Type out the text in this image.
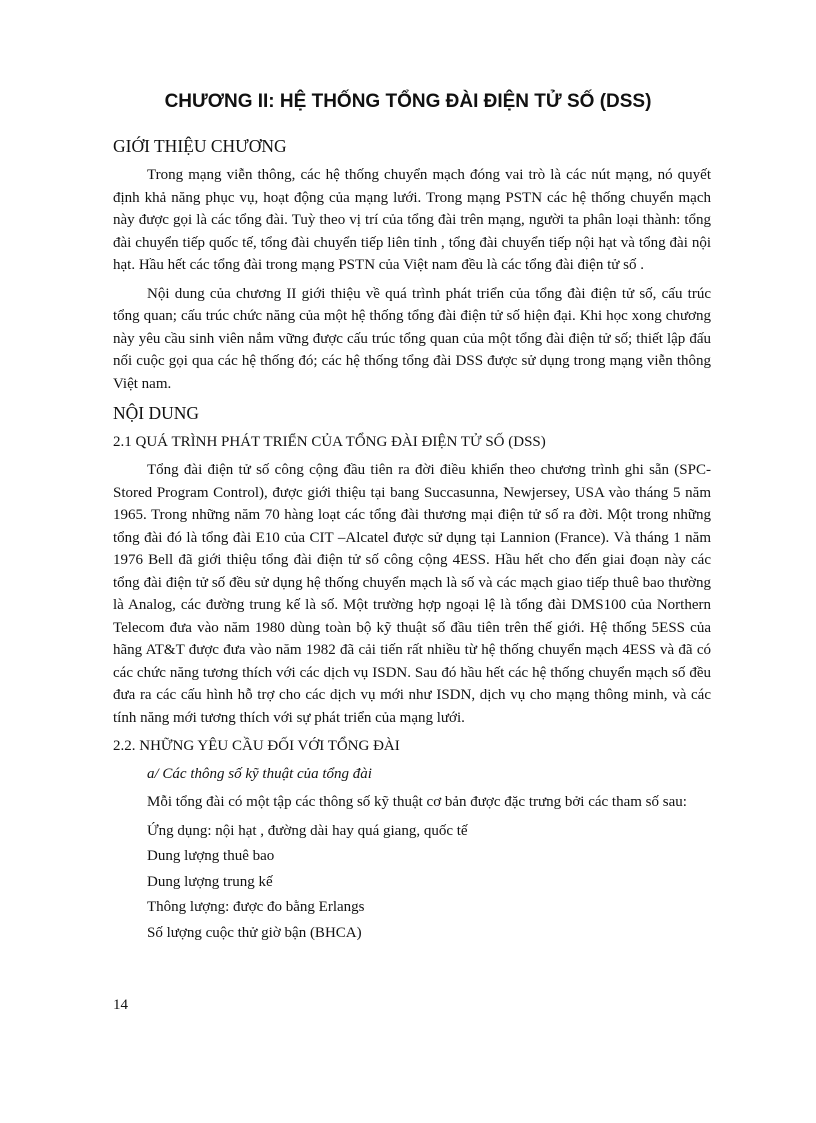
CHƯƠNG II: HỆ THỐNG TỔNG ĐÀI ĐIỆN TỬ SỐ (DSS)
GIỚI THIỆU CHƯƠNG

Trong mạng viễn thông, các hệ thống chuyển mạch đóng vai trò là các nút mạng, nó quyết định khả năng phục vụ, hoạt động của mạng lưới. Trong mạng PSTN các hệ thống chuyển mạch này được gọi là các tổng đài. Tuỳ theo vị trí của tổng đài trên mạng, người ta phân loại thành: tổng đài chuyển tiếp quốc tế, tổng đài chuyển tiếp liên tỉnh , tổng đài chuyển tiếp nội hạt và tổng đài nội hạt. Hầu hết các tổng đài trong mạng PSTN của Việt nam đều là các tổng đài điện tử số .

Nội dung của chương II giới thiệu về quá trình phát triển của tổng đài điện tử số, cấu trúc tổng quan; cấu trúc chức năng của một hệ thống tổng đài điện tử số hiện đại. Khi học xong chương này yêu cầu sinh viên nắm vững được cấu trúc tổng quan của một tổng đài điện tử số; thiết lập đấu nối cuộc gọi qua các hệ thống đó; các hệ thống tổng đài DSS được sử dụng trong mạng viễn thông Việt nam.

NỘI DUNG
2.1 QUÁ TRÌNH PHÁT TRIỂN CỦA TỔNG ĐÀI ĐIỆN TỬ SỐ (DSS)

Tổng đài điện tử số công cộng đầu tiên ra đời điều khiển theo chương trình ghi sẵn (SPC- Stored Program Control), được giới thiệu tại bang Succasunna, Newjersey, USA vào tháng 5 năm 1965. Trong những năm 70 hàng loạt các tổng đài thương mại điện tử số ra đời. Một trong những tổng đài đó là tổng đài E10 của CIT –Alcatel được sử dụng tại Lannion (France). Và tháng 1 năm 1976 Bell đã giới thiệu tổng đài điện tử số công cộng 4ESS. Hầu hết cho đến giai đoạn này các tổng đài điện tử số đều sử dụng hệ thống chuyển mạch là số và các mạch giao tiếp thuê bao thường là Analog, các đường trung kế là số. Một trường hợp ngoại lệ là tổng đài DMS100 của Northern Telecom đưa vào năm 1980 dùng toàn bộ kỹ thuật số đầu tiên trên thế giới. Hệ thống 5ESS của hãng AT&T được đưa vào năm 1982 đã cải tiến rất nhiều từ hệ thống chuyển mạch 4ESS và đã có các chức năng tương thích với các dịch vụ ISDN. Sau đó hầu hết các hệ thống chuyển mạch số đều đưa ra các cấu hình hỗ trợ cho các dịch vụ mới như ISDN, dịch vụ cho mạng thông minh, và các tính năng mới tương thích với sự phát triển của mạng lưới.

2.2. NHỮNG YÊU CẦU ĐỐI VỚI TỔNG ĐÀI

a/ Các thông số kỹ thuật của tổng đài

Mỗi tổng đài có một tập các thông số kỹ thuật cơ bản được đặc trưng bởi các tham số sau:

Ứng dụng: nội hạt , đường dài hay quá giang, quốc tế

Dung lượng thuê bao

Dung lượng trung kế

Thông lượng: được đo bằng Erlangs

Số lượng cuộc thử giờ bận (BHCA)

14
